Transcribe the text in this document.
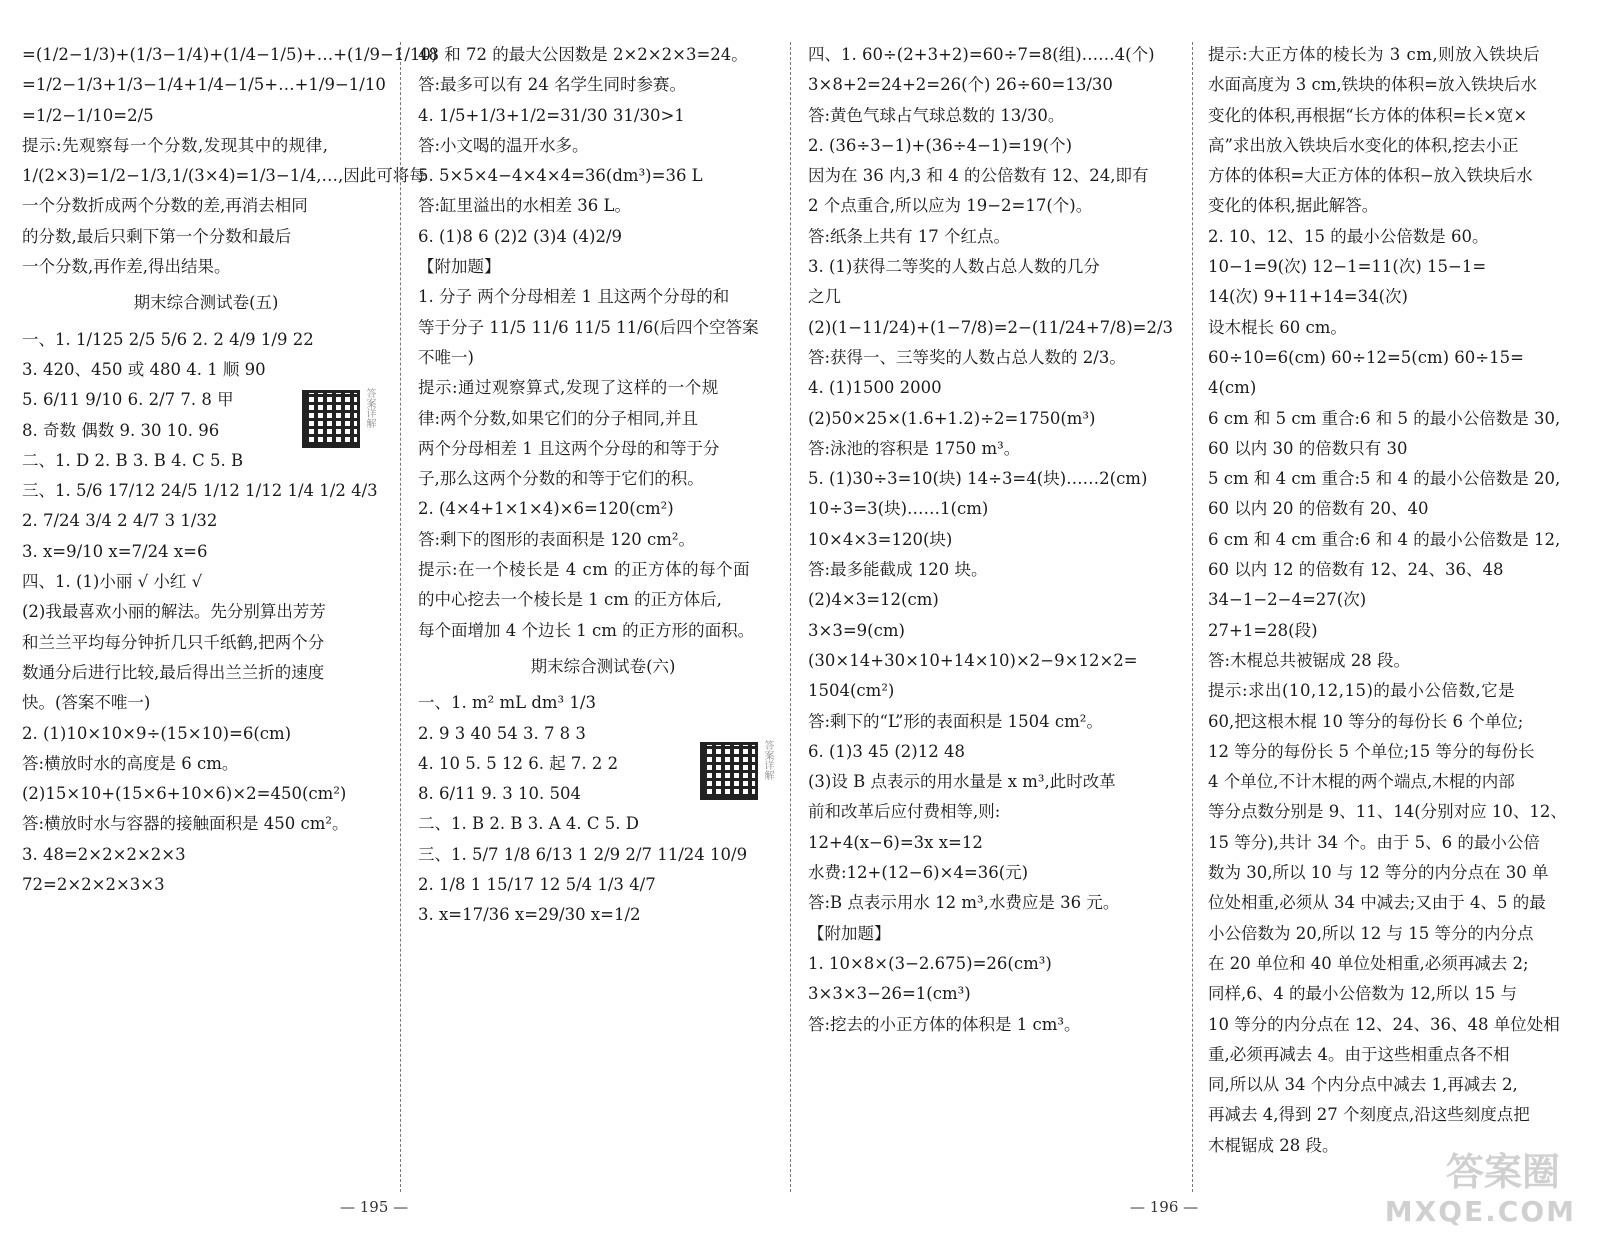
=(1/2−1/3)+(1/3−1/4)+(1/4−1/5)+…+(1/9−1/10)
=1/2−1/3+1/3−1/4+1/4−1/5+…+1/9−1/10
=1/2−1/10=2/5
提示:先观察每一个分数,发现其中的规律,
1/(2×3)=1/2−1/3,1/(3×4)=1/3−1/4,…,因此可将每
一个分数折成两个分数的差,再消去相同
的分数,最后只剩下第一个分数和最后
一个分数,再作差,得出结果。
期末综合测试卷(五)
一、1. 1/125 2/5 5/6 2. 2 4/9 1/9 22
3. 420、450 或 480 4. 1 顺 90
5. 6/11 9/10 6. 2/7 7. 8 甲
8. 奇数 偶数 9. 30 10. 96
二、1. D 2. B 3. B 4. C 5. B
三、1. 5/6 17/12 24/5 1/12 1/12 1/4 1/2 4/3
2. 7/24 3/4 2 4/7 3 1/32
3. x=9/10 x=7/24 x=6
四、1. (1)小丽 √ 小红 √
(2)我最喜欢小丽的解法。先分别算出芳芳
和兰兰平均每分钟折几只千纸鹤,把两个分
数通分后进行比较,最后得出兰兰折的速度
快。(答案不唯一)
2. (1)10×10×9÷(15×10)=6(cm)
答:横放时水的高度是 6 cm。
(2)15×10+(15×6+10×6)×2=450(cm²)
答:横放时水与容器的接触面积是 450 cm²。
3. 48=2×2×2×2×3
72=2×2×2×3×3
48 和 72 的最大公因数是 2×2×2×3=24。
答:最多可以有 24 名学生同时参赛。
4. 1/5+1/3+1/2=31/30 31/30>1
答:小文喝的温开水多。
5. 5×5×4−4×4×4=36(dm³)=36 L
答:缸里溢出的水相差 36 L。
6. (1)8 6 (2)2 (3)4 (4)2/9
【附加题】
1. 分子 两个分母相差 1 且这两个分母的和
等于分子 11/5 11/6 11/5 11/6(后四个空答案
不唯一)
提示:通过观察算式,发现了这样的一个规
律:两个分数,如果它们的分子相同,并且
两个分母相差 1 且这两个分母的和等于分
子,那么这两个分数的和等于它们的积。
2. (4×4+1×1×4)×6=120(cm²)
答:剩下的图形的表面积是 120 cm²。
提示:在一个棱长是 4 cm 的正方体的每个面
的中心挖去一个棱长是 1 cm 的正方体后,
每个面增加 4 个边长 1 cm 的正方形的面积。
期末综合测试卷(六)
一、1. m² mL dm³ 1/3
2. 9 3 40 54 3. 7 8 3
4. 10 5. 5 12 6. 起 7. 2 2
8. 6/11 9. 3 10. 504
二、1. B 2. B 3. A 4. C 5. D
三、1. 5/7 1/8 6/13 1 2/9 2/7 11/24 10/9
2. 1/8 1 15/17 12 5/4 1/3 4/7
3. x=17/36 x=29/30 x=1/2
四、1. 60÷(2+3+2)=60÷7=8(组)……4(个)
3×8+2=24+2=26(个) 26÷60=13/30
答:黄色气球占气球总数的 13/30。
2. (36÷3−1)+(36÷4−1)=19(个)
因为在 36 内,3 和 4 的公倍数有 12、24,即有
2 个点重合,所以应为 19−2=17(个)。
答:纸条上共有 17 个红点。
3. (1)获得二等奖的人数占总人数的几分
之几
(2)(1−11/24)+(1−7/8)=2−(11/24+7/8)=2/3
答:获得一、三等奖的人数占总人数的 2/3。
4. (1)1500 2000
(2)50×25×(1.6+1.2)÷2=1750(m³)
答:泳池的容积是 1750 m³。
5. (1)30÷3=10(块) 14÷3=4(块)……2(cm)
10÷3=3(块)……1(cm)
10×4×3=120(块)
答:最多能截成 120 块。
(2)4×3=12(cm)
3×3=9(cm)
(30×14+30×10+14×10)×2−9×12×2=
1504(cm²)
答:剩下的“L”形的表面积是 1504 cm²。
6. (1)3 45 (2)12 48
(3)设 B 点表示的用水量是 x m³,此时改革
前和改革后应付费相等,则:
12+4(x−6)=3x x=12
水费:12+(12−6)×4=36(元)
答:B 点表示用水 12 m³,水费应是 36 元。
【附加题】
1. 10×8×(3−2.675)=26(cm³)
3×3×3−26=1(cm³)
答:挖去的小正方体的体积是 1 cm³。
提示:大正方体的棱长为 3 cm,则放入铁块后
水面高度为 3 cm,铁块的体积=放入铁块后水
变化的体积,再根据“长方体的体积=长×宽×
高”求出放入铁块后水变化的体积,挖去小正
方体的体积=大正方体的体积−放入铁块后水
变化的体积,据此解答。
2. 10、12、15 的最小公倍数是 60。
10−1=9(次) 12−1=11(次) 15−1=
14(次) 9+11+14=34(次)
设木棍长 60 cm。
60÷10=6(cm) 60÷12=5(cm) 60÷15=
4(cm)
6 cm 和 5 cm 重合:6 和 5 的最小公倍数是 30,
60 以内 30 的倍数只有 30
5 cm 和 4 cm 重合:5 和 4 的最小公倍数是 20,
60 以内 20 的倍数有 20、40
6 cm 和 4 cm 重合:6 和 4 的最小公倍数是 12,
60 以内 12 的倍数有 12、24、36、48
34−1−2−4=27(次)
27+1=28(段)
答:木棍总共被锯成 28 段。
提示:求出(10,12,15)的最小公倍数,它是
60,把这根木棍 10 等分的每份长 6 个单位;
12 等分的每份长 5 个单位;15 等分的每份长
4 个单位,不计木棍的两个端点,木棍的内部
等分点数分别是 9、11、14(分别对应 10、12、
15 等分),共计 34 个。由于 5、6 的最小公倍
数为 30,所以 10 与 12 等分的内分点在 30 单
位处相重,必须从 34 中减去;又由于 4、5 的最
小公倍数为 20,所以 12 与 15 等分的内分点
在 20 单位和 40 单位处相重,必须再减去 2;
同样,6、4 的最小公倍数为 12,所以 15 与
10 等分的内分点在 12、24、36、48 单位处相
重,必须再减去 4。由于这些相重点各不相
同,所以从 34 个内分点中减去 1,再减去 2,
再减去 4,得到 27 个刻度点,沿这些刻度点把
木棍锯成 28 段。
答案详解
答案详解
— 195 —	— 196 —
答案圈
MXQE.COM
